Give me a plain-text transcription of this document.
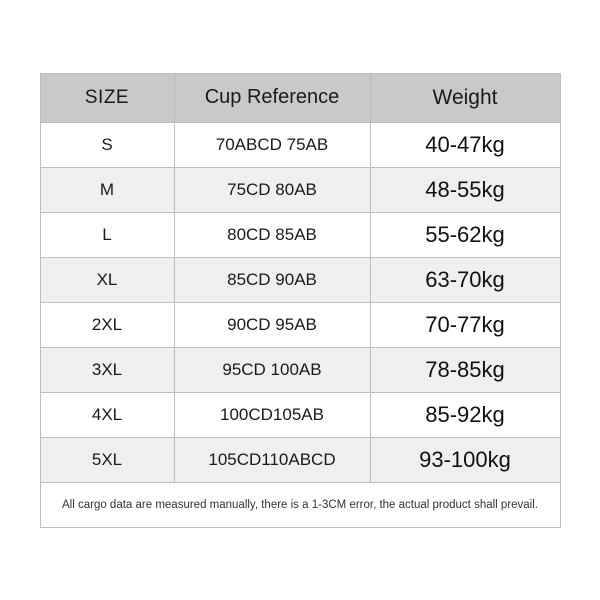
SIZE	Cup Reference	Weight
S	70ABCD 75AB	40-47kg
M	75CD 80AB	48-55kg
L	80CD 85AB	55-62kg
XL	85CD 90AB	63-70kg
2XL	90CD 95AB	70-77kg
3XL	95CD 100AB	78-85kg
4XL	100CD105AB	85-92kg
5XL	105CD110ABCD	93-100kg
All cargo data are measured manually, there is a 1-3CM error, the actual product shall prevail.		
